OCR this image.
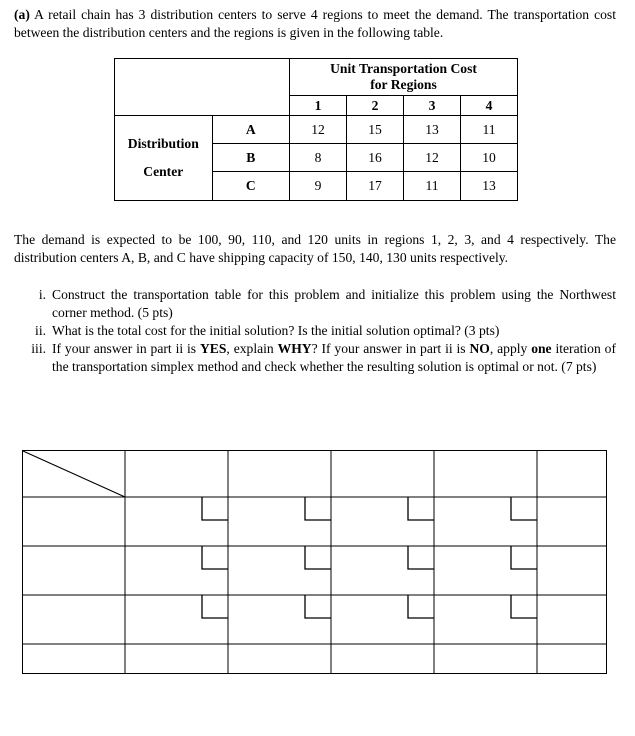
(a) A retail chain has 3 distribution centers to serve 4 regions to meet the demand. The transportation cost between the distribution centers and the regions is given in the following table.

		Unit Transportation Cost
for Regions			

		1	2	3	4

Distribution
Center	A	12	15	13	11
	B	8	16	12	10
	C	9	17	11	13
The demand is expected to be 100, 90, 110, and 120 units in regions 1, 2, 3, and 4 respectively. The distribution centers A, B, and C have shipping capacity of 150, 140, 130 units respectively.
i. Construct the transportation table for this problem and initialize this problem using the Northwest corner method. (5 pts)
ii. What is the total cost for the initial solution? Is the initial solution optimal? (3 pts)
iii. If your answer in part ii is YES, explain WHY? If your answer in part ii is NO, apply one iteration of the transportation simplex method and check whether the resulting solution is optimal or not. (7 pts)
